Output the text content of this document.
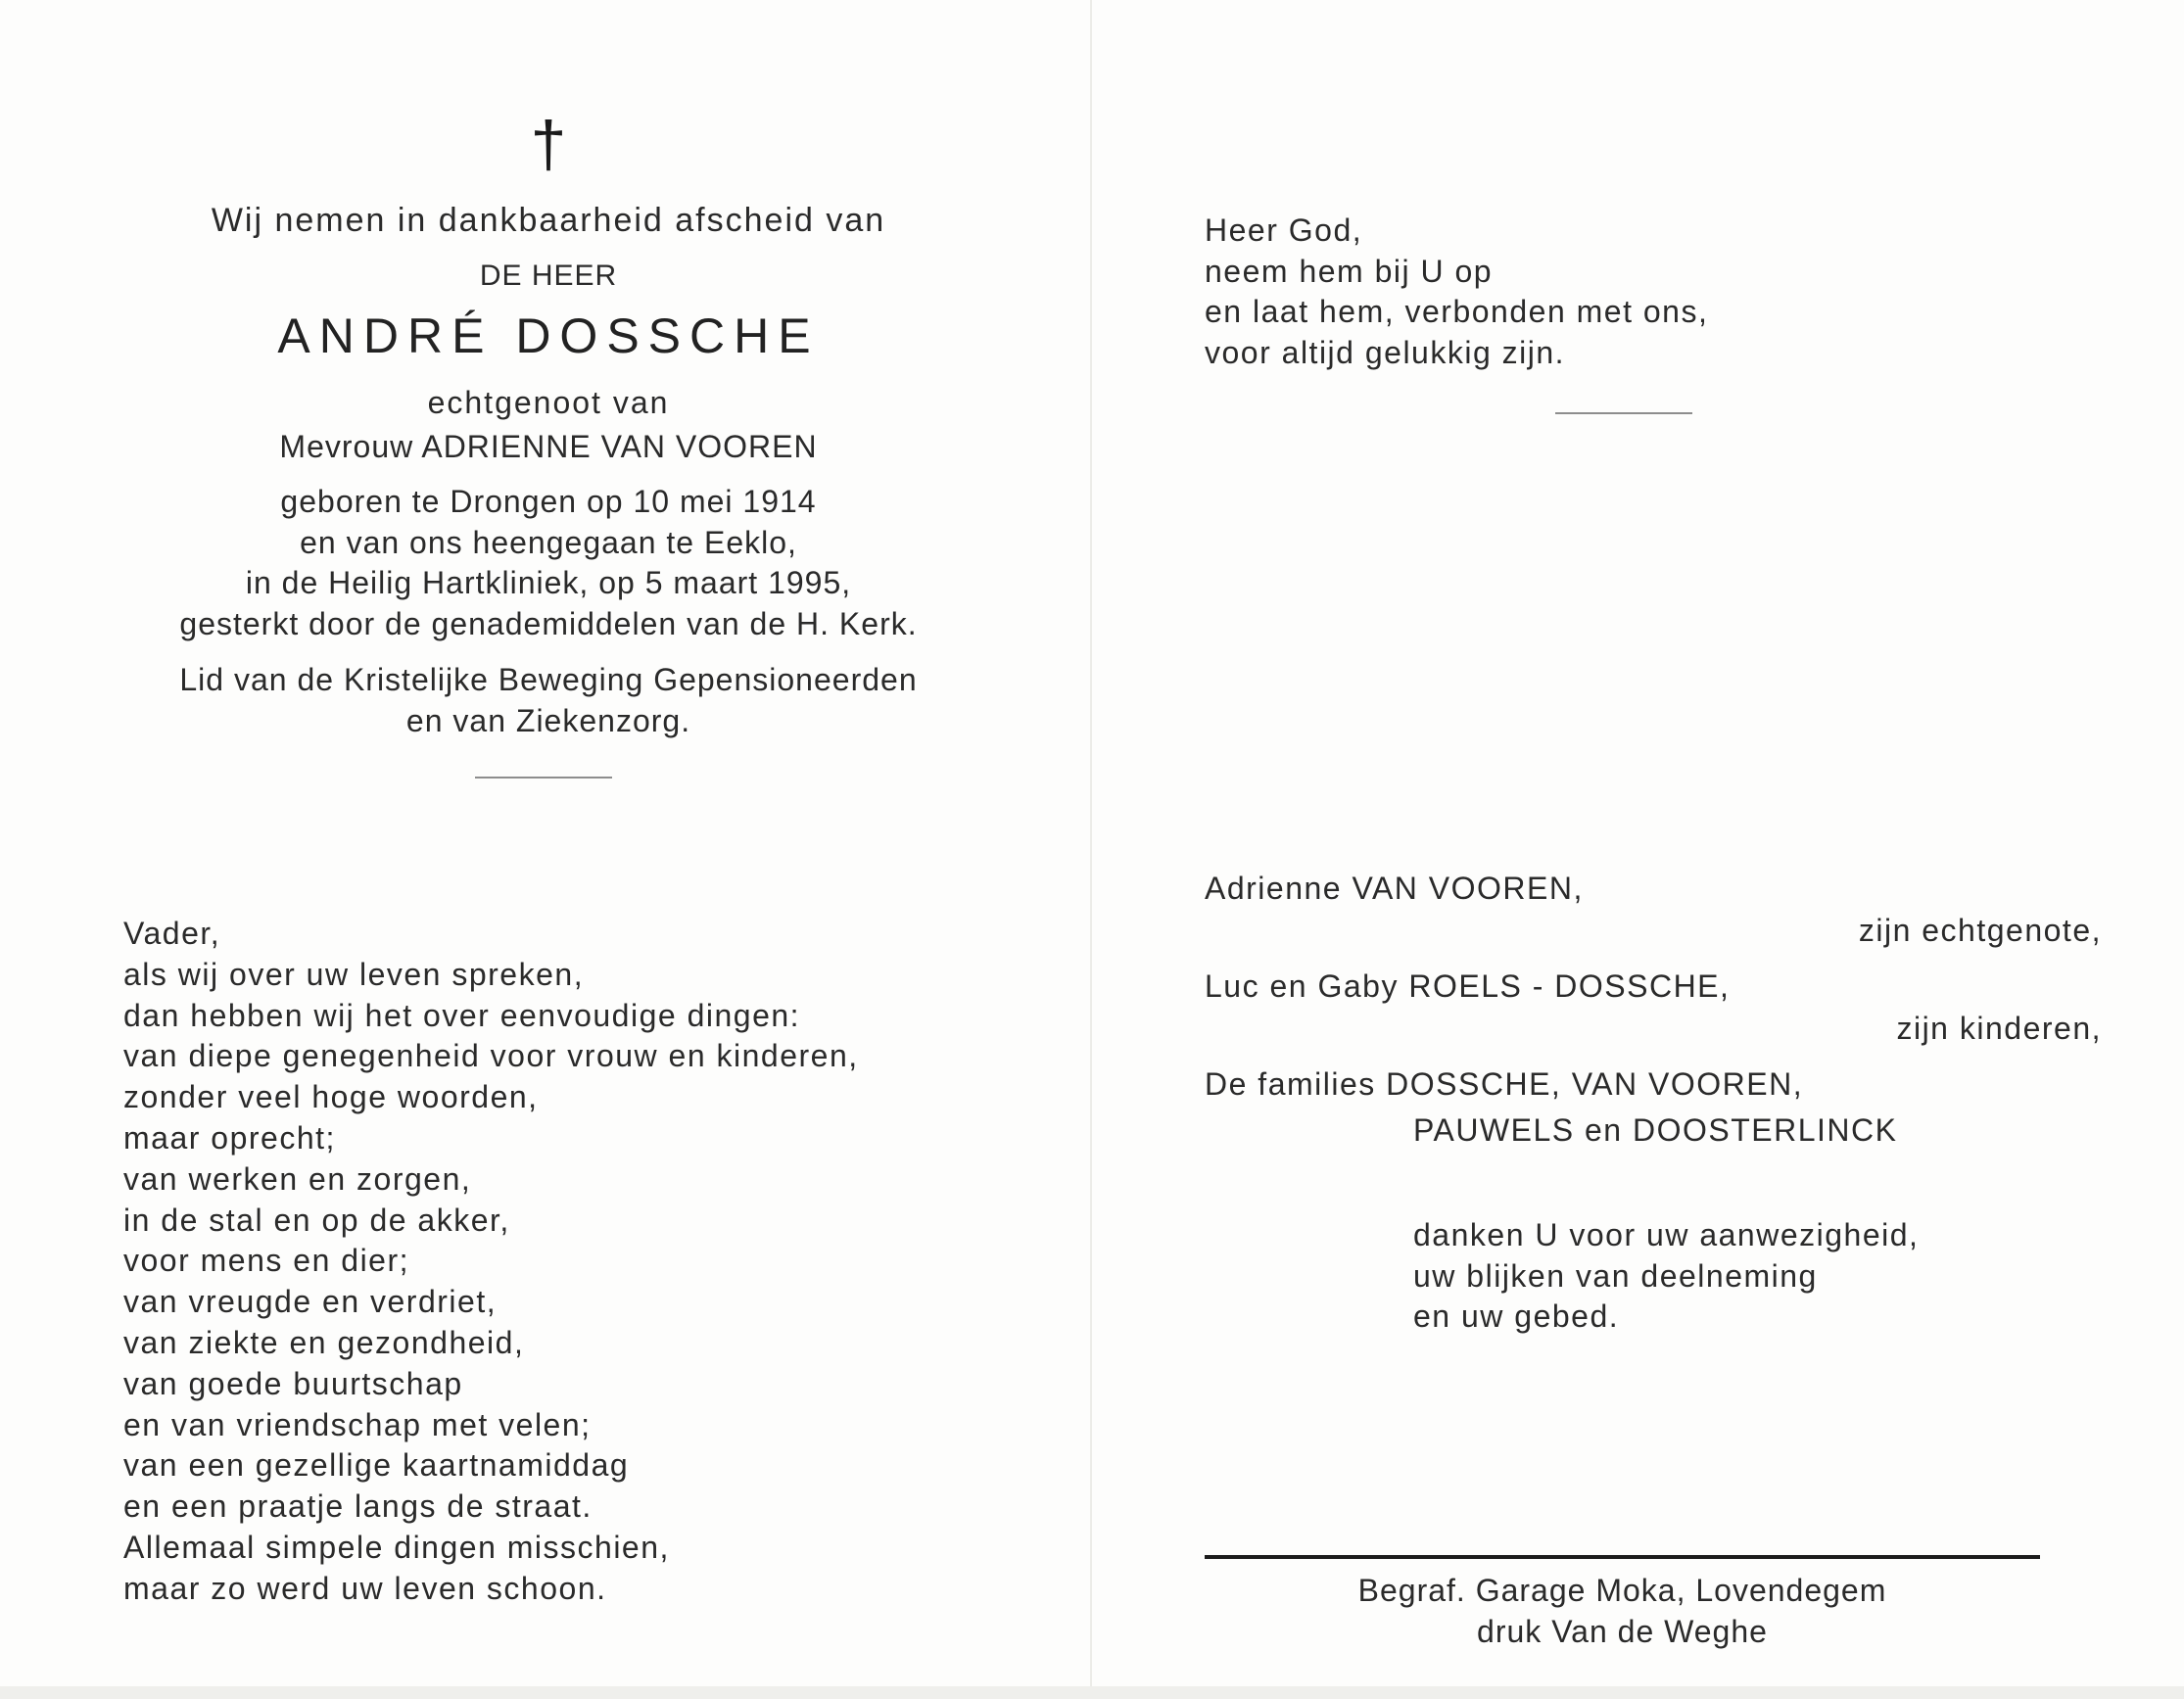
†
Wij nemen in dankbaarheid afscheid van
DE HEER
ANDRÉ DOSSCHE
echtgenoot van
Mevrouw ADRIENNE VAN VOOREN
geboren te Drongen op 10 mei 1914
en van ons heengegaan te Eeklo,
in de Heilig Hartkliniek, op 5 maart 1995,
gesterkt door de genademiddelen van de H. Kerk.
Lid van de Kristelijke Beweging Gepensioneerden
en van Ziekenzorg.
Vader,
als wij over uw leven spreken,
dan hebben wij het over eenvoudige dingen:
van diepe genegenheid voor vrouw en kinderen,
zonder veel hoge woorden,
maar oprecht;
van werken en zorgen,
in de stal en op de akker,
voor mens en dier;
van vreugde en verdriet,
van ziekte en gezondheid,
van goede buurtschap
en van vriendschap met velen;
van een gezellige kaartnamiddag
en een praatje langs de straat.
Allemaal simpele dingen misschien,
maar zo werd uw leven schoon.
Heer God,
neem hem bij U op
en laat hem, verbonden met ons,
voor altijd gelukkig zijn.
Adrienne VAN VOOREN,
zijn echtgenote,
Luc en Gaby ROELS - DOSSCHE,
zijn kinderen,
De families DOSSCHE, VAN VOOREN,
PAUWELS en DOOSTERLINCK
danken U voor uw aanwezigheid,
uw blijken van deelneming
en uw gebed.
Begraf. Garage Moka, Lovendegem
druk Van de Weghe
